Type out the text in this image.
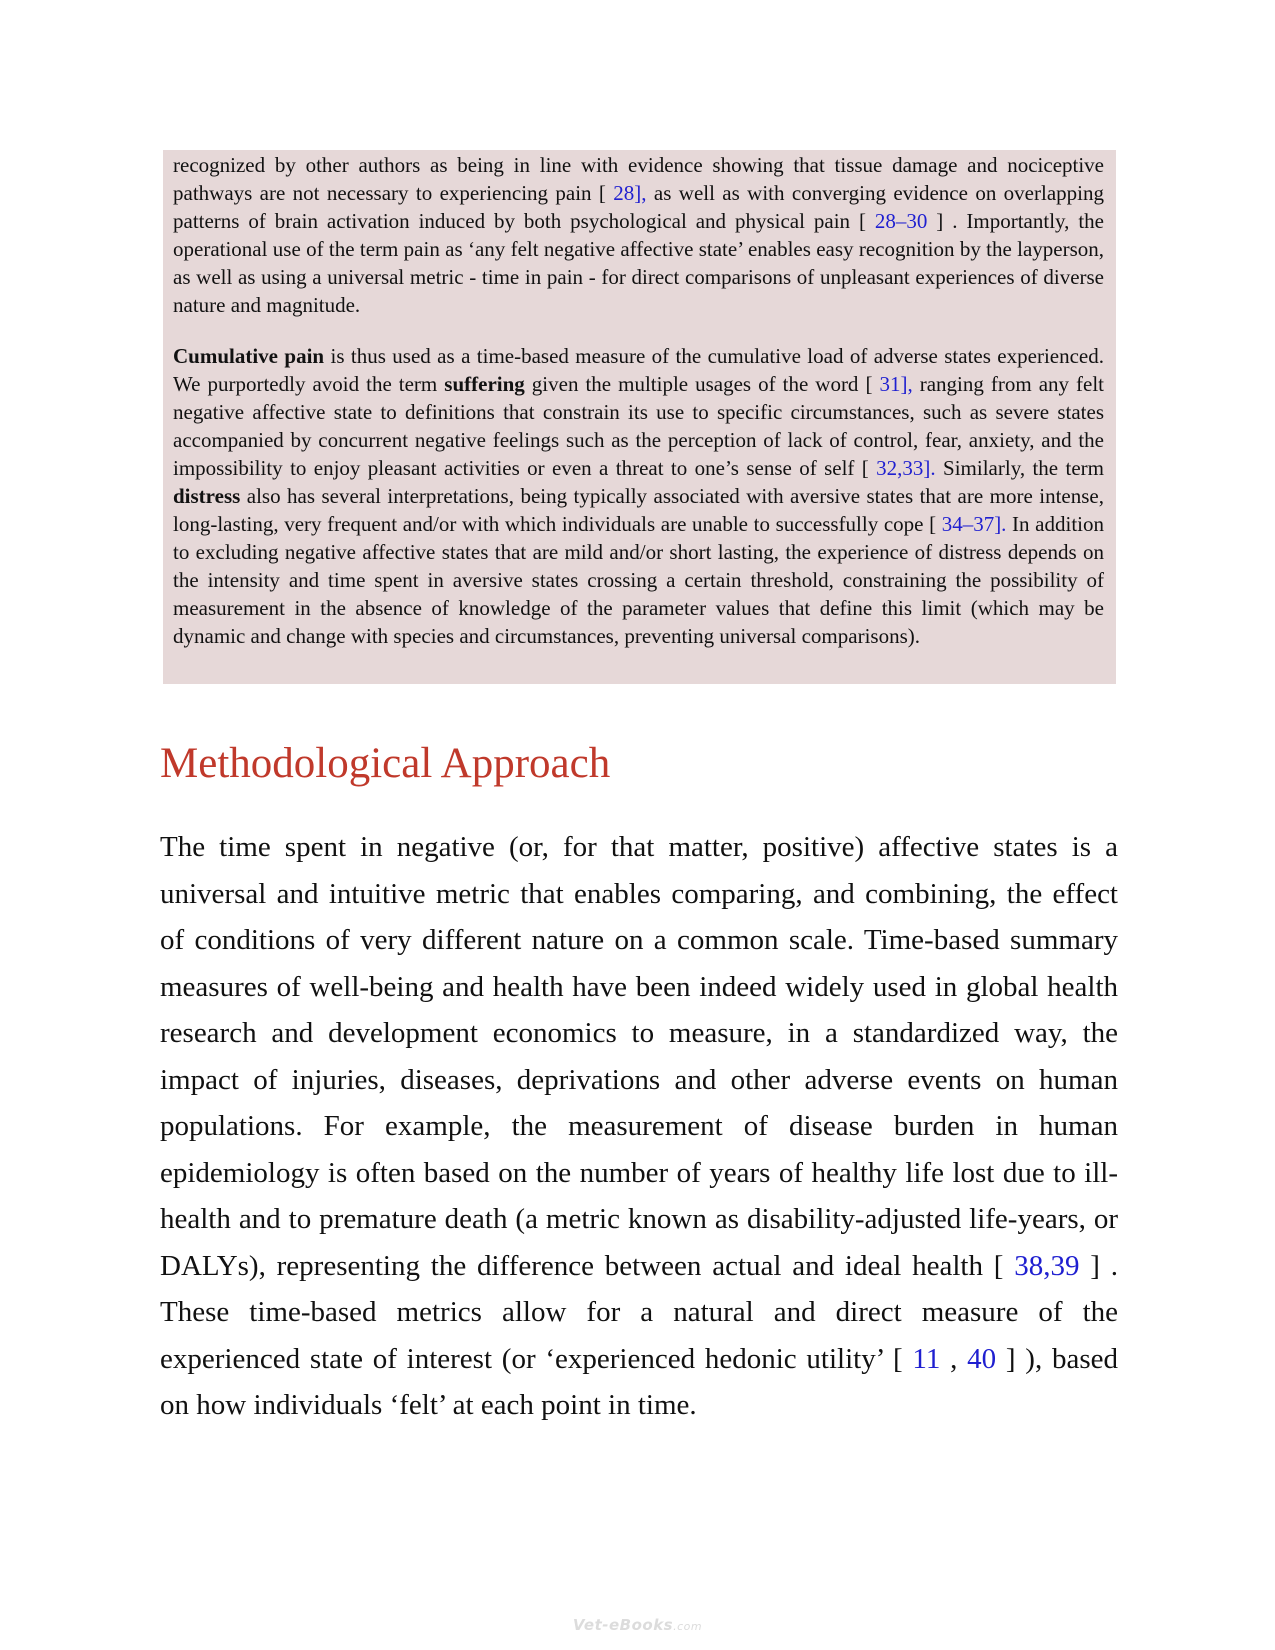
recognized by other authors as being in line with evidence showing that tissue damage and nociceptive pathways are not necessary to experiencing pain [ 28], as well as with converging evidence on overlapping patterns of brain activation induced by both psychological and physical pain [ 28–30 ] . Importantly, the operational use of the term pain as ‘any felt negative affective state’ enables easy recognition by the layperson, as well as using a universal metric - time in pain - for direct comparisons of unpleasant experiences of diverse nature and magnitude.

Cumulative pain is thus used as a time-based measure of the cumulative load of adverse states experienced. We purportedly avoid the term suffering given the multiple usages of the word [ 31], ranging from any felt negative affective state to definitions that constrain its use to specific circumstances, such as severe states accompanied by concurrent negative feelings such as the perception of lack of control, fear, anxiety, and the impossibility to enjoy pleasant activities or even a threat to one’s sense of self [ 32,33]. Similarly, the term distress also has several interpretations, being typically associated with aversive states that are more intense, long-lasting, very frequent and/or with which individuals are unable to successfully cope [ 34–37]. In addition to excluding negative affective states that are mild and/or short lasting, the experience of distress depends on the intensity and time spent in aversive states crossing a certain threshold, constraining the possibility of measurement in the absence of knowledge of the parameter values that define this limit (which may be dynamic and change with species and circumstances, preventing universal comparisons).

Methodological Approach

The time spent in negative (or, for that matter, positive) affective states is a universal and intuitive metric that enables comparing, and combining, the effect of conditions of very different nature on a common scale. Time-based summary measures of well-being and health have been indeed widely used in global health research and development economics to measure, in a standardized way, the impact of injuries, diseases, deprivations and other adverse events on human populations. For example, the measurement of disease burden in human epidemiology is often based on the number of years of healthy life lost due to ill-health and to premature death (a metric known as disability-adjusted life-years, or DALYs), representing the difference between actual and ideal health [ 38,39 ] . These time-based metrics allow for a natural and direct measure of the experienced state of interest (or ‘experienced hedonic utility’ [ 11 , 40 ] ), based on how individuals ‘felt’ at each point in time.

Vet-eBooks.com
